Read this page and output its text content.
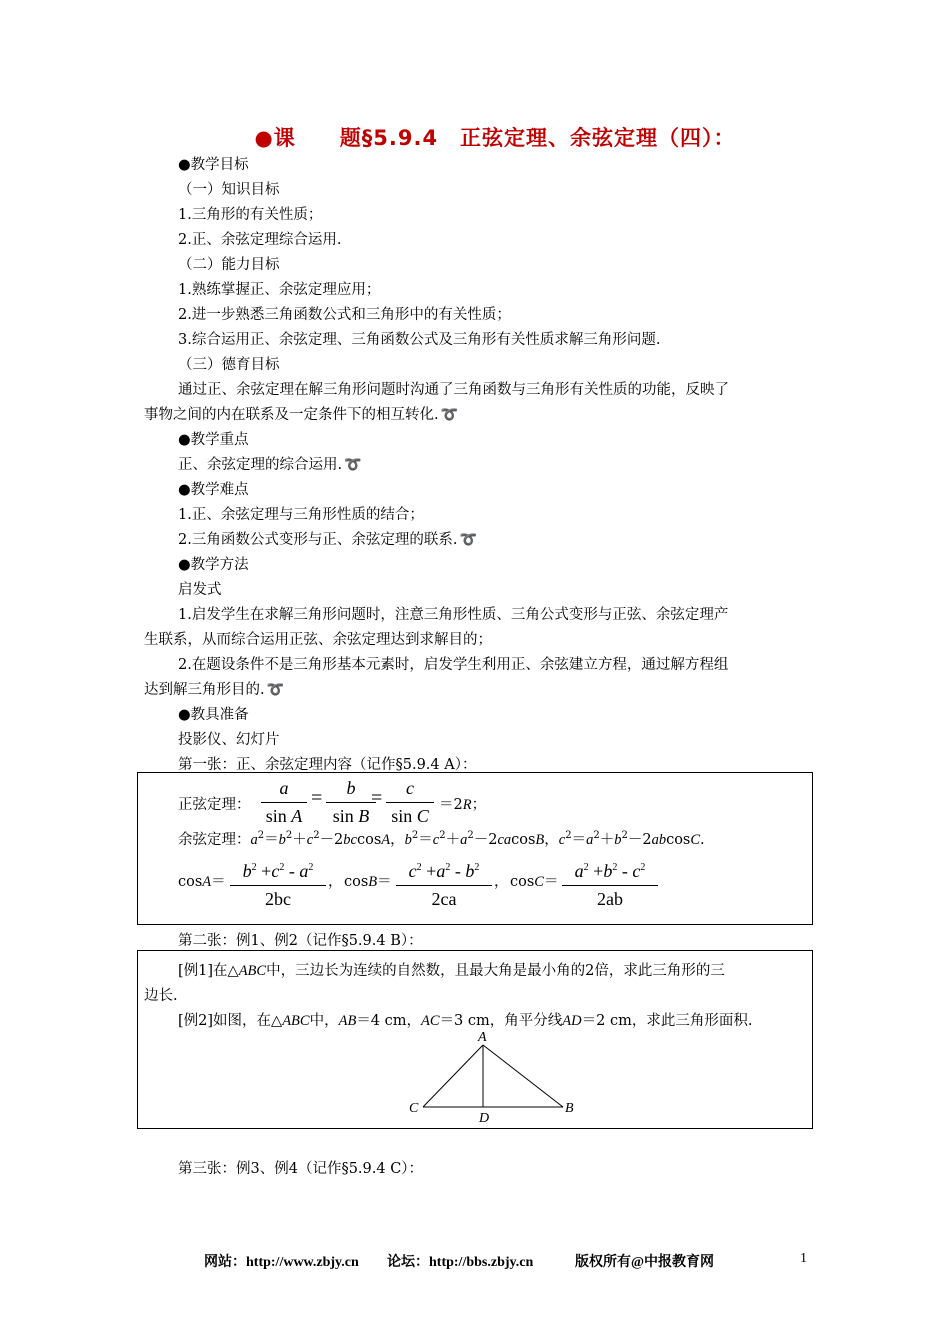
●课 题§5.9.4　正弦定理、余弦定理（四）：
●教学目标
（一）知识目标
1.三角形的有关性质；
2.正、余弦定理综合运用.
（二）能力目标
1.熟练掌握正、余弦定理应用；
2.进一步熟悉三角函数公式和三角形中的有关性质；
3.综合运用正、余弦定理、三角函数公式及三角形有关性质求解三角形问题.
（三）德育目标
通过正、余弦定理在解三角形问题时沟通了三角函数与三角形有关性质的功能，反映了
事物之间的内在联系及一定条件下的相互转化. ➰
●教学重点
正、余弦定理的综合运用. ➰
●教学难点
1.正、余弦定理与三角形性质的结合；
2.三角函数公式变形与正、余弦定理的联系. ➰
●教学方法
启发式
1.启发学生在求解三角形问题时，注意三角形性质、三角公式变形与正弦、余弦定理产
生联系，从而综合运用正弦、余弦定理达到求解目的；
2.在题设条件不是三角形基本元素时，启发学生利用正、余弦建立方程，通过解方程组
达到解三角形目的. ➰
●教具准备
投影仪、幻灯片
第一张：正、余弦定理内容（记作§5.9.4 A）：
正弦定理： $\frac{a}{\text{sin A}} = \frac{b}{\text{sin B}}$
= $\frac{c}{\text{sin C}} =2R$；
余弦定理：$a^2=b^2+c^2-2bccosA$，$b^2=c^2+a^2-2cacosB$，$c^2=a^2+b^2-2abcosC$.
$\cos A= \frac{b^2 +c^2 - a^2}{2bc}$ ， $\cos B= \frac{c^2 +a^2 - b^2}{2ca}$ ， $\cos C= \frac{a^2 +b^2 - c^2}{2ab}$
第二张：例1、例2（记作§5.9.4 B）：
[例1]在△ABC中，三边长为连续的自然数，且最大角是最小角的2倍，求此三角形的三
边长.
[例2]如图，在△ABC中，AB＝4 cm，AC＝3 cm，角平分线AD＝2 cm，求此三角形面积.
A
C
D
B
第三张：例3、例4（记作§5.9.4 C）：
网站：http://www.zbjy.cn 论坛：http://bbs.zbjy.cn	版权所有@中报教育网	1
